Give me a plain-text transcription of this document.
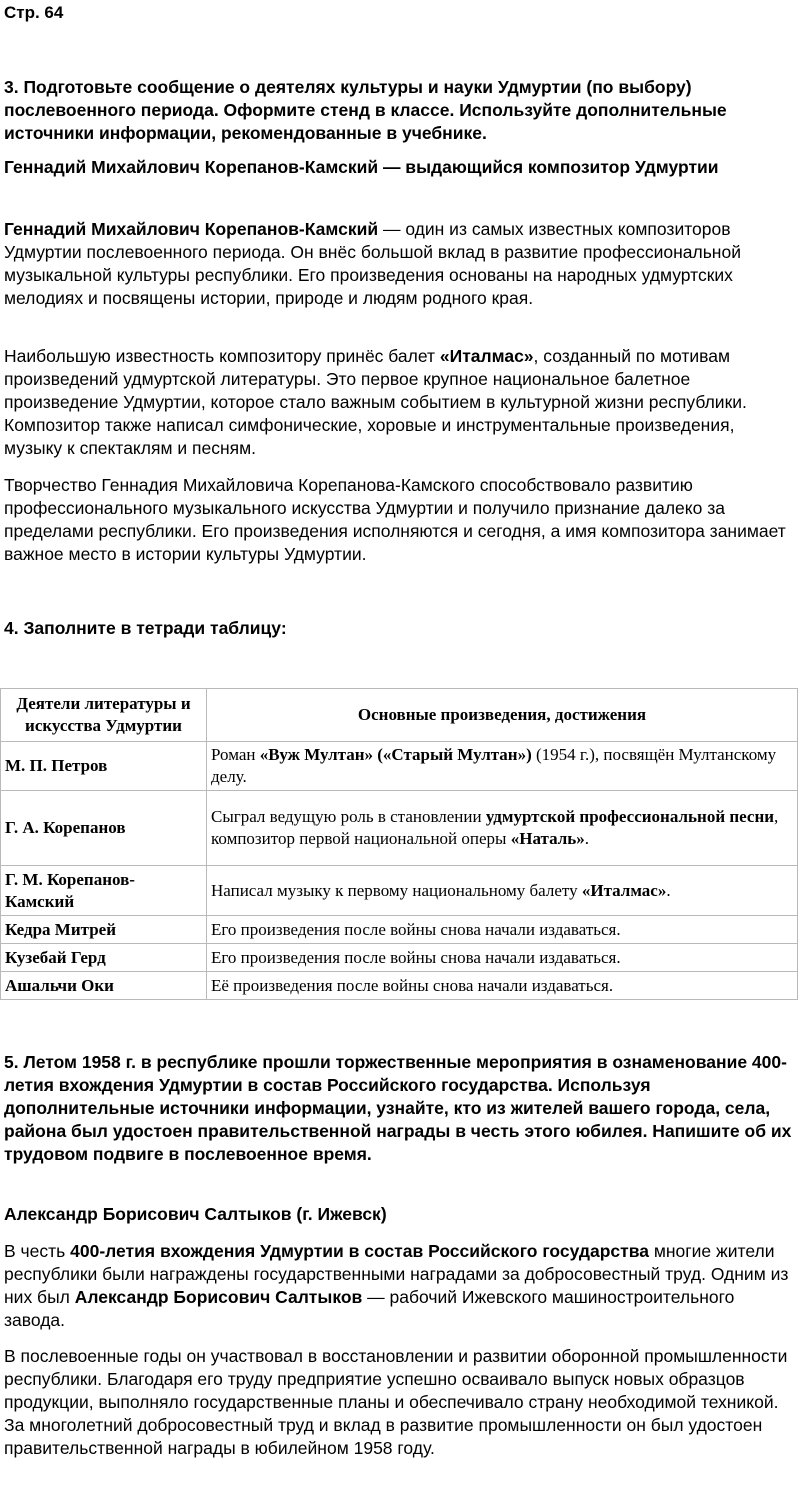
Стр. 64
3. Подготовьте сообщение о деятелях культуры и науки Удмуртии (по выбору) послевоенного периода. Оформите стенд в классе. Используйте дополнительные источники информации, рекомендованные в учебнике.
Геннадий Михайлович Корепанов-Камский — выдающийся композитор Удмуртии

Геннадий Михайлович Корепанов-Камский — один из самых известных композиторов Удмуртии послевоенного периода. Он внёс большой вклад в развитие профессиональной музыкальной культуры республики. Его произведения основаны на народных удмуртских мелодиях и посвящены истории, природе и людям родного края.

Наибольшую известность композитору принёс балет «Италмас», созданный по мотивам произведений удмуртской литературы. Это первое крупное национальное балетное произведение Удмуртии, которое стало важным событием в культурной жизни республики. Композитор также написал симфонические, хоровые и инструментальные произведения, музыку к спектаклям и песням.

Творчество Геннадия Михайловича Корепанова-Камского способствовало развитию профессионального музыкального искусства Удмуртии и получило признание далеко за пределами республики. Его произведения исполняются и сегодня, а имя композитора занимает важное место в истории культуры Удмуртии.

4. Заполните в тетради таблицу:
Деятели литературы и искусства Удмуртии	Основные произведения, достижения
М. П. Петров	Роман «Вуж Мултан» («Старый Мултан») (1954 г.), посвящён Мултанскому делу.
Г. А. Корепанов	Сыграл ведущую роль в становлении удмуртской профессиональной песни, композитор первой национальной оперы «Наталь».
Г. М. Корепанов-Камский	Написал музыку к первому национальному балету «Италмас».
Кедра Митрей	Его произведения после войны снова начали издаваться.
Кузебай Герд	Его произведения после войны снова начали издаваться.
Ашальчи Оки	Её произведения после войны снова начали издаваться.
5. Летом 1958 г. в республике прошли торжественные мероприятия в ознаменование 400-летия вхождения Удмуртии в состав Российского государства. Используя дополнительные источники информации, узнайте, кто из жителей вашего города, села, района был удостоен правительственной награды в честь этого юбилея. Напишите об их трудовом подвиге в послевоенное время.
Александр Борисович Салтыков (г. Ижевск)

В честь 400-летия вхождения Удмуртии в состав Российского государства многие жители республики были награждены государственными наградами за добросовестный труд. Одним из них был Александр Борисович Салтыков — рабочий Ижевского машиностроительного завода.

В послевоенные годы он участвовал в восстановлении и развитии оборонной промышленности республики. Благодаря его труду предприятие успешно осваивало выпуск новых образцов продукции, выполняло государственные планы и обеспечивало страну необходимой техникой. За многолетний добросовестный труд и вклад в развитие промышленности он был удостоен правительственной награды в юбилейном 1958 году.
